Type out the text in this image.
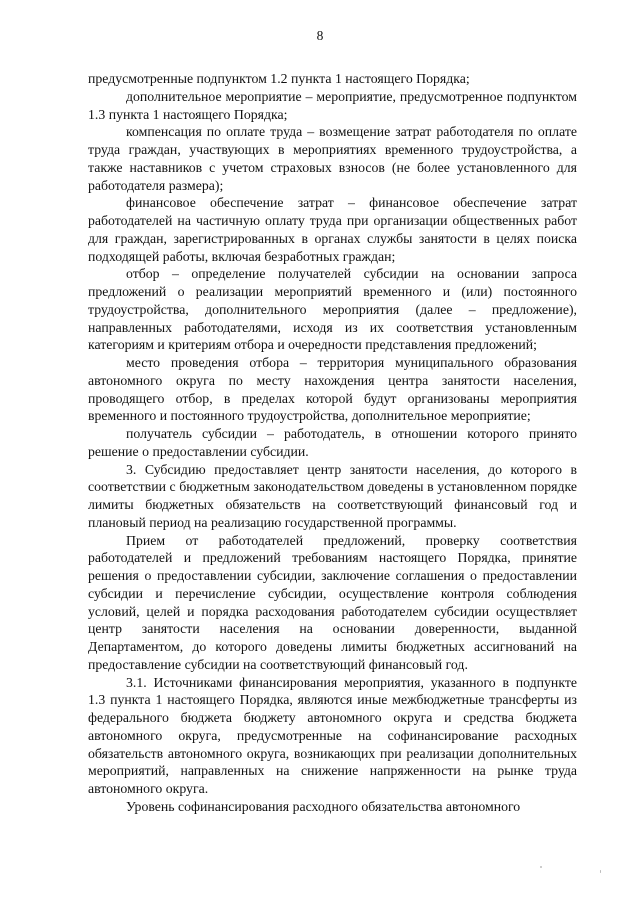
8

предусмотренные подпунктом 1.2 пункта 1 настоящего Порядка;

дополнительное мероприятие – мероприятие, предусмотренное подпунктом 1.3 пункта 1 настоящего Порядка;

компенсация по оплате труда – возмещение затрат работодателя по оплате труда граждан, участвующих в мероприятиях временного трудоустройства, а также наставников с учетом страховых взносов (не более установленного для работодателя размера);

финансовое обеспечение затрат – финансовое обеспечение затрат работодателей на частичную оплату труда при организации общественных работ для граждан, зарегистрированных в органах службы занятости в целях поиска подходящей работы, включая безработных граждан;

отбор – определение получателей субсидии на основании запроса предложений о реализации мероприятий временного и (или) постоянного трудоустройства, дополнительного мероприятия (далее – предложение), направленных работодателями, исходя из их соответствия установленным категориям и критериям отбора и очередности представления предложений;

место проведения отбора – территория муниципального образования автономного округа по месту нахождения центра занятости населения, проводящего отбор, в пределах которой будут организованы мероприятия временного и постоянного трудоустройства, дополнительное мероприятие;

получатель субсидии – работодатель, в отношении которого принято решение о предоставлении субсидии.

3. Субсидию предоставляет центр занятости населения, до которого в соответствии с бюджетным законодательством доведены в установленном порядке лимиты бюджетных обязательств на соответствующий финансовый год и плановый период на реализацию государственной программы.

Прием от работодателей предложений, проверку соответствия работодателей и предложений требованиям настоящего Порядка, принятие решения о предоставлении субсидии, заключение соглашения о предоставлении субсидии и перечисление субсидии, осуществление контроля соблюдения условий, целей и порядка расходования работодателем субсидии осуществляет центр занятости населения на основании доверенности, выданной Департаментом, до которого доведены лимиты бюджетных ассигнований на предоставление субсидии на соответствующий финансовый год.

3.1. Источниками финансирования мероприятия, указанного в подпункте 1.3 пункта 1 настоящего Порядка, являются иные межбюджетные трансферты из федерального бюджета бюджету автономного округа и средства бюджета автономного округа, предусмотренные на софинансирование расходных обязательств автономного округа, возникающих при реализации дополнительных мероприятий, направленных на снижение напряженности на рынке труда автономного округа.

Уровень софинансирования расходного обязательства автономного
